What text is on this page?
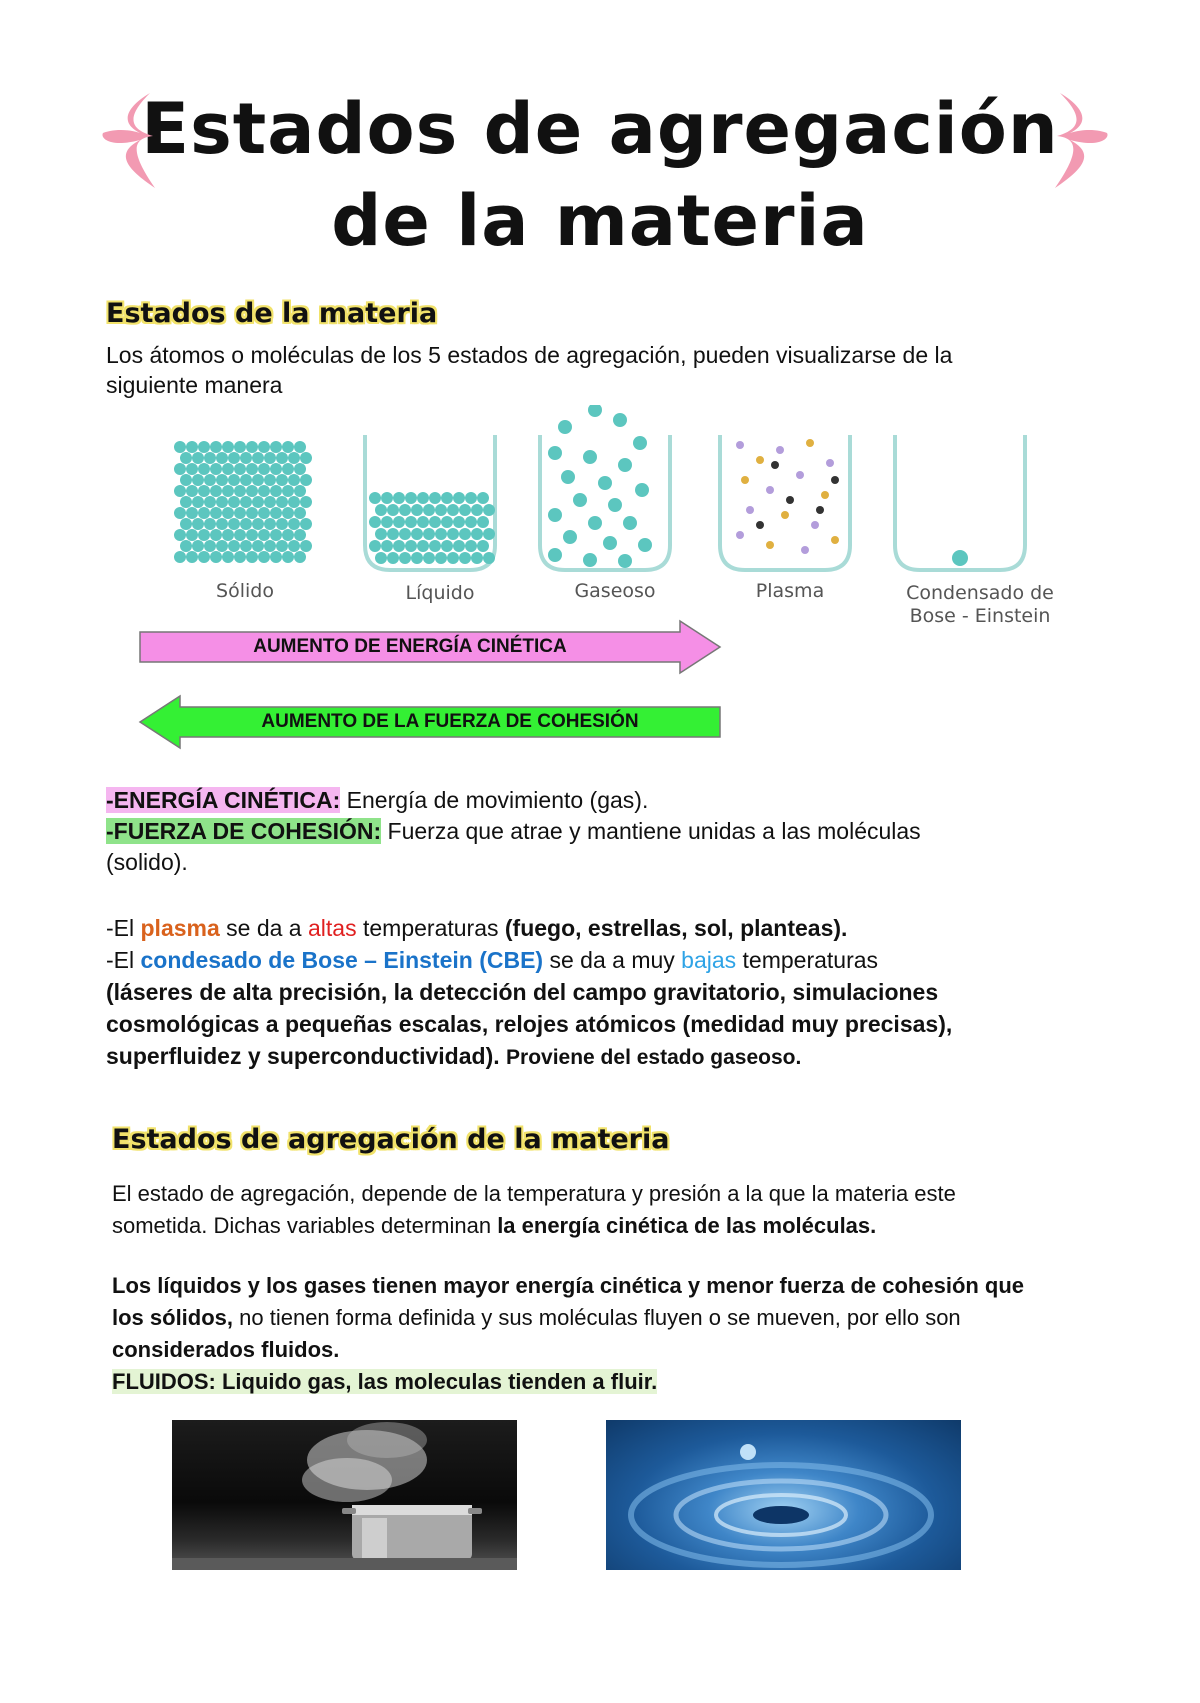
Estados de agregación
de la materia
Estados de la materia
Los átomos o moléculas de los 5 estados de agregación, pueden visualizarse de la
siguiente manera
Sólido	Líquido	Gaseoso	Plasma	Condensado de
Bose - Einstein
AUMENTO DE ENERGÍA CINÉTICA
AUMENTO DE LA FUERZA DE COHESIÓN
-ENERGÍA CINÉTICA: Energía de movimiento (gas).
-FUERZA DE COHESIÓN: Fuerza que atrae y mantiene unidas a las moléculas
(solido).
-El plasma se da a altas temperaturas (fuego, estrellas, sol, planteas).
-El condesado de Bose – Einstein (CBE) se da a muy bajas temperaturas
(láseres de alta precisión, la detección del campo gravitatorio, simulaciones
cosmológicas a pequeñas escalas, relojes atómicos (medidad muy precisas),
superfluidez y superconductividad). Proviene del estado gaseoso.
Estados de agregación de la materia
El estado de agregación, depende de la temperatura y presión a la que la materia este
sometida. Dichas variables determinan la energía cinética de las moléculas.
Los líquidos y los gases tienen mayor energía cinética y menor fuerza de cohesión que
los sólidos, no tienen forma definida y sus moléculas fluyen o se mueven, por ello son
considerados fluidos.
FLUIDOS: Liquido gas, las moleculas tienden a fluir.
